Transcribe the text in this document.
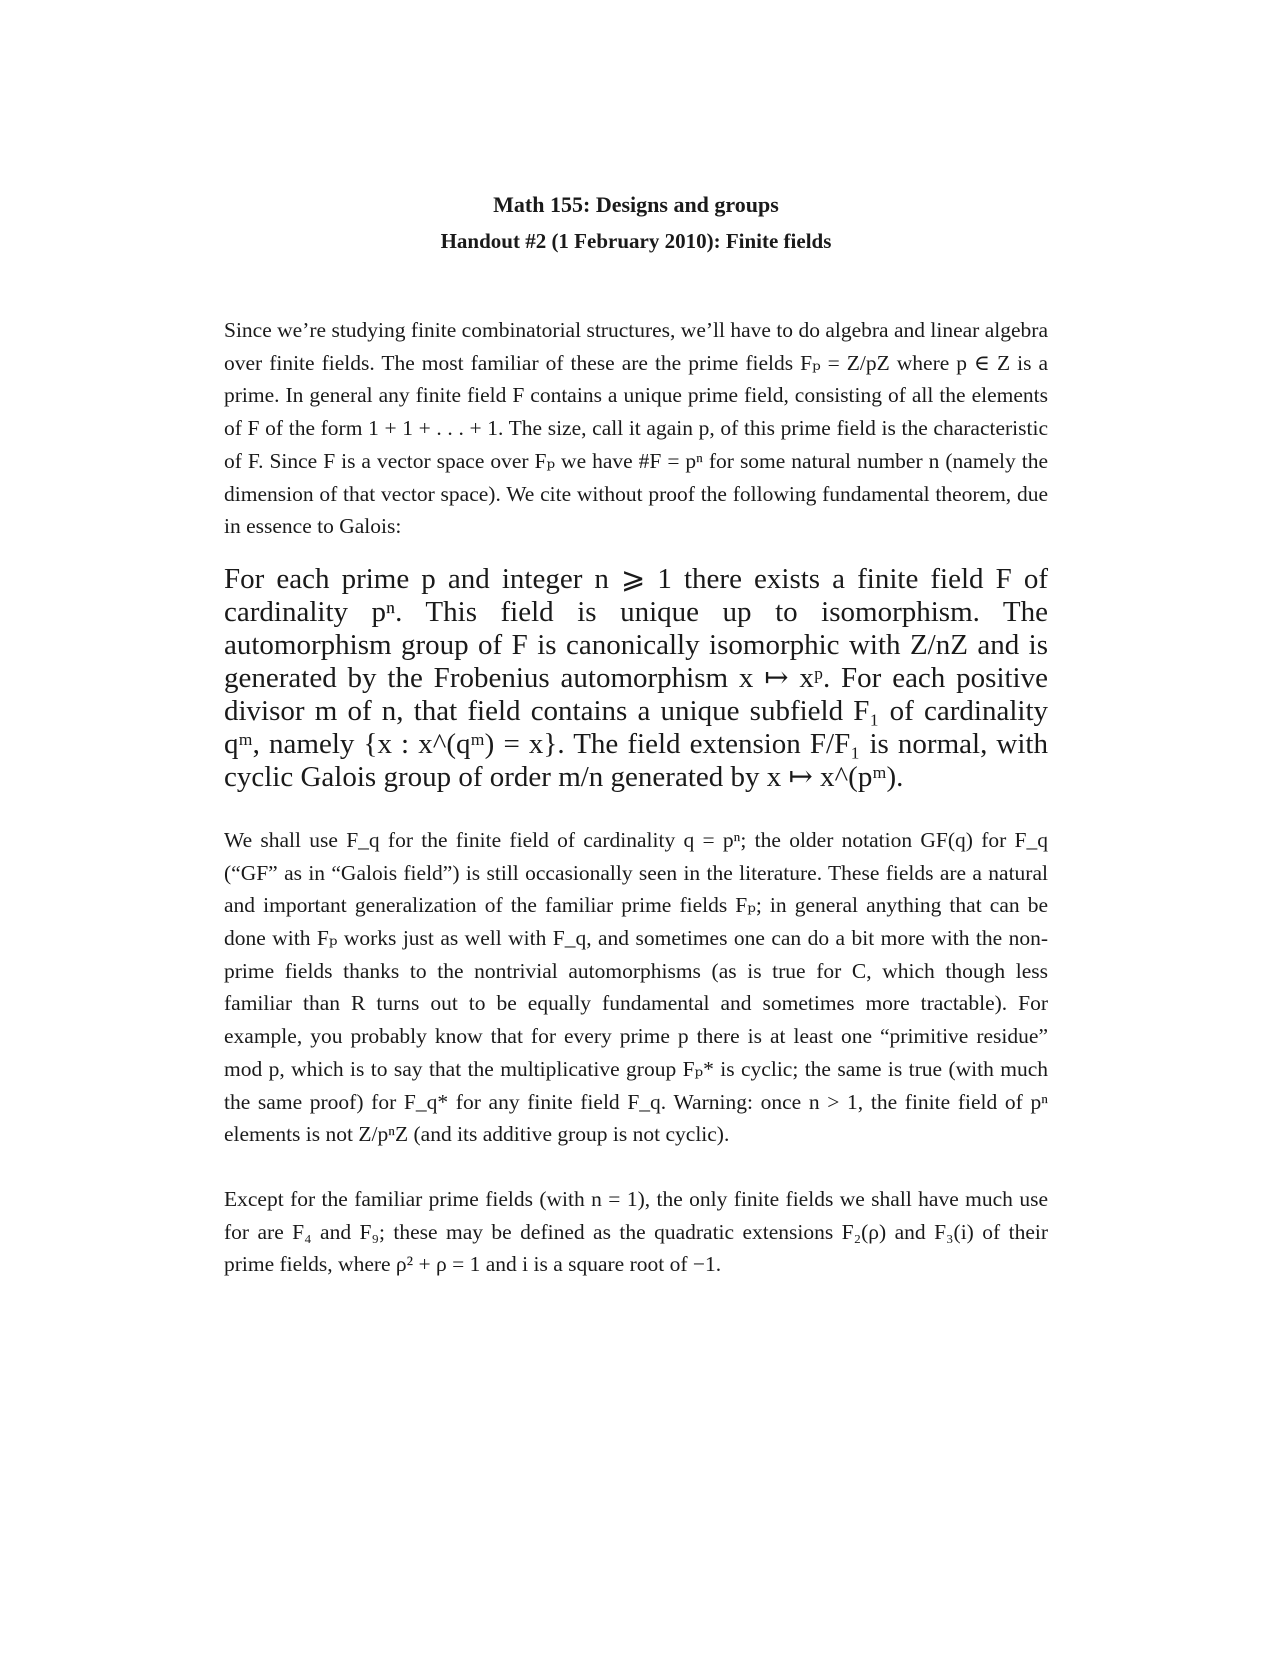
Math 155: Designs and groups
Handout #2 (1 February 2010): Finite fields

Since we’re studying finite combinatorial structures, we’ll have to do algebra and linear algebra over finite fields. The most familiar of these are the prime fields Fₚ = Z/pZ where p ∈ Z is a prime. In general any finite field F contains a unique prime field, consisting of all the elements of F of the form 1 + 1 + . . . + 1. The size, call it again p, of this prime field is the characteristic of F. Since F is a vector space over Fₚ we have #F = pⁿ for some natural number n (namely the dimension of that vector space). We cite without proof the following fundamental theorem, due in essence to Galois:

For each prime p and integer n ⩾ 1 there exists a finite field F of cardinality pⁿ. This field is unique up to isomorphism. The automorphism group of F is canonically isomorphic with Z/nZ and is generated by the Frobenius automorphism x ↦ xᵖ. For each positive divisor m of n, that field contains a unique subfield F₁ of cardinality qᵐ, namely {x : x^(qᵐ) = x}. The field extension F/F₁ is normal, with cyclic Galois group of order m/n generated by x ↦ x^(pᵐ).

We shall use F_q for the finite field of cardinality q = pⁿ; the older notation GF(q) for F_q (“GF” as in “Galois field”) is still occasionally seen in the literature. These fields are a natural and important generalization of the familiar prime fields Fₚ; in general anything that can be done with Fₚ works just as well with F_q, and sometimes one can do a bit more with the non-prime fields thanks to the nontrivial automorphisms (as is true for C, which though less familiar than R turns out to be equally fundamental and sometimes more tractable). For example, you probably know that for every prime p there is at least one “primitive residue” mod p, which is to say that the multiplicative group Fₚ* is cyclic; the same is true (with much the same proof) for F_q* for any finite field F_q. Warning: once n > 1, the finite field of pⁿ elements is not Z/pⁿZ (and its additive group is not cyclic).

Except for the familiar prime fields (with n = 1), the only finite fields we shall have much use for are F₄ and F₉; these may be defined as the quadratic extensions F₂(ρ) and F₃(i) of their prime fields, where ρ² + ρ = 1 and i is a square root of −1.
